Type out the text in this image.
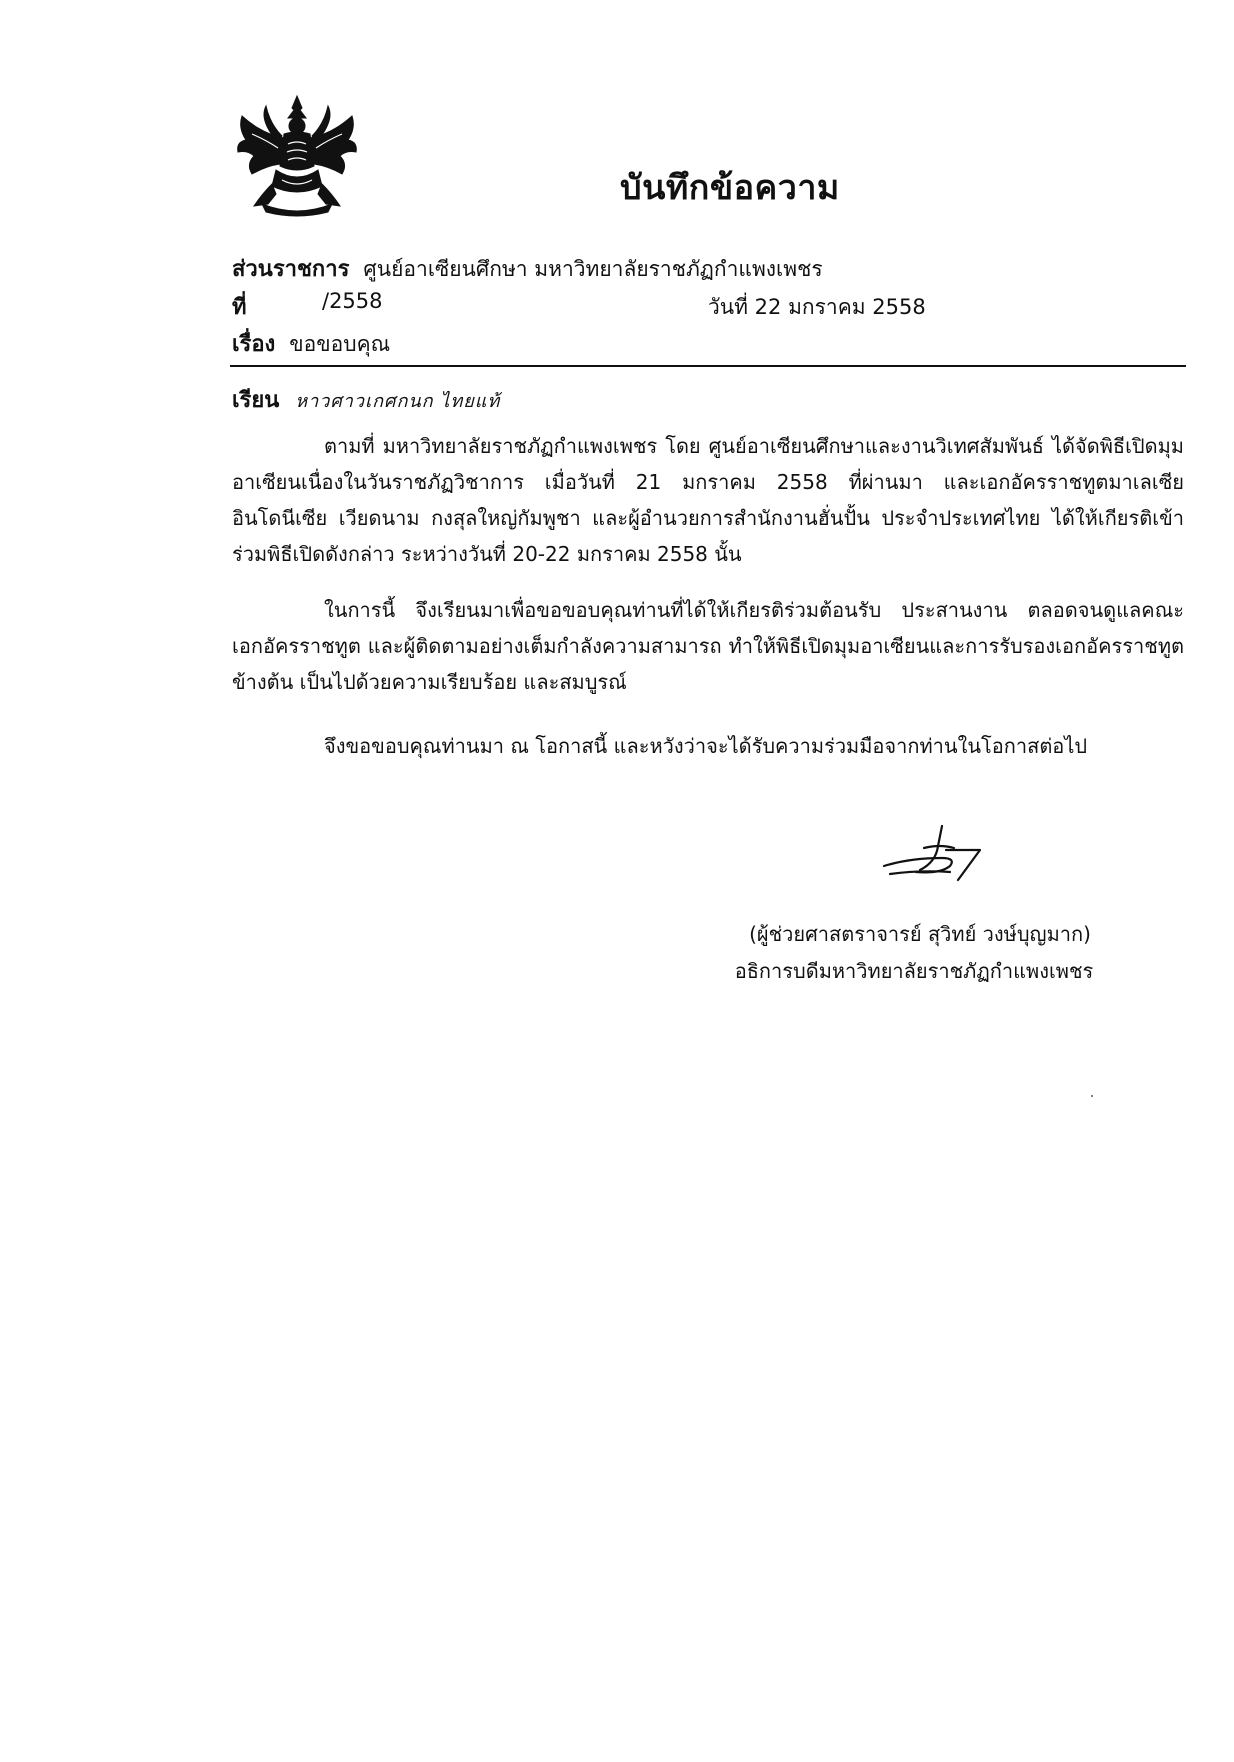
บันทึกข้อความ
ส่วนราชการ ศูนย์อาเซียนศึกษา มหาวิทยาลัยราชภัฏกำแพงเพชร
ที่	/2558	วันที่ 22 มกราคม 2558
เรื่อง ขอขอบคุณ
เรียน หาวศาวเกศกนก ไทยแท้

ตามที่ มหาวิทยาลัยราชภัฏกำแพงเพชร โดย ศูนย์อาเซียนศึกษาและงานวิเทศสัมพันธ์ ได้จัดพิธีเปิดมุมอาเซียนเนื่องในวันราชภัฏวิชาการ เมื่อวันที่ 21 มกราคม 2558 ที่ผ่านมา และเอกอัครราชทูตมาเลเซีย อินโดนีเซีย เวียดนาม กงสุลใหญ่กัมพูชา และผู้อำนวยการสำนักงานฮั่นปั้น ประจำประเทศไทย ได้ให้เกียรติเข้าร่วมพิธีเปิดดังกล่าว ระหว่างวันที่ 20-22 มกราคม 2558 นั้น

ในการนี้ จึงเรียนมาเพื่อขอขอบคุณท่านที่ได้ให้เกียรติร่วมต้อนรับ ประสานงาน ตลอดจนดูแลคณะเอกอัครราชทูต และผู้ติดตามอย่างเต็มกำลังความสามารถ ทำให้พิธีเปิดมุมอาเซียนและการรับรองเอกอัครราชทูต ข้างต้น เป็นไปด้วยความเรียบร้อย และสมบูรณ์

จึงขอขอบคุณท่านมา ณ โอกาสนี้ และหวังว่าจะได้รับความร่วมมือจากท่านในโอกาสต่อไป

(ผู้ช่วยศาสตราจารย์ สุวิทย์ วงษ์บุญมาก)
อธิการบดีมหาวิทยาลัยราชภัฏกำแพงเพชร
